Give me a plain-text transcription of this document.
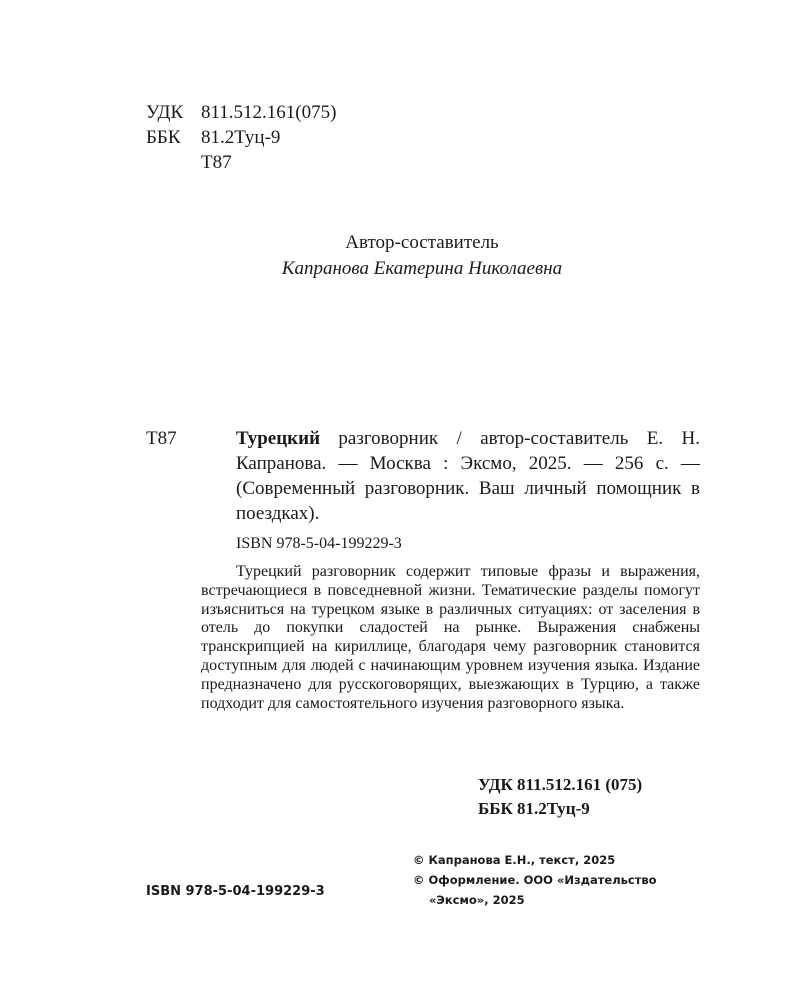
УДК 811.512.161(075)
ББК	81.2Туц-9
Т87
Автор-составитель
Капранова Екатерина Николаевна
Т87	Турецкий разговорник / автор-составитель Е. Н. Капранова. — Москва : Эксмо, 2025. — 256 с. — (Современный разговорник. Ваш личный помощник в поездках).
ISBN 978-5-04-199229-3
Турецкий разговорник содержит типовые фразы и выражения, встречающиеся в повседневной жизни. Тематические разделы помогут изъясниться на турецком языке в различных ситуациях: от заселения в отель до покупки сладостей на рынке. Выражения снабжены транскрипцией на кириллице, благодаря чему разговорник становится доступным для людей с начинающим уровнем изучения языка. Издание предназначено для русскоговорящих, выезжающих в Турцию, а также подходит для самостоятельного изучения разговорного языка.
УДК 811.512.161 (075)
ББК 81.2Туц-9
© Капранова Е.Н., текст, 2025
© Оформление. ООО «Издательство
«Эксмо», 2025
ISBN 978-5-04-199229-3
